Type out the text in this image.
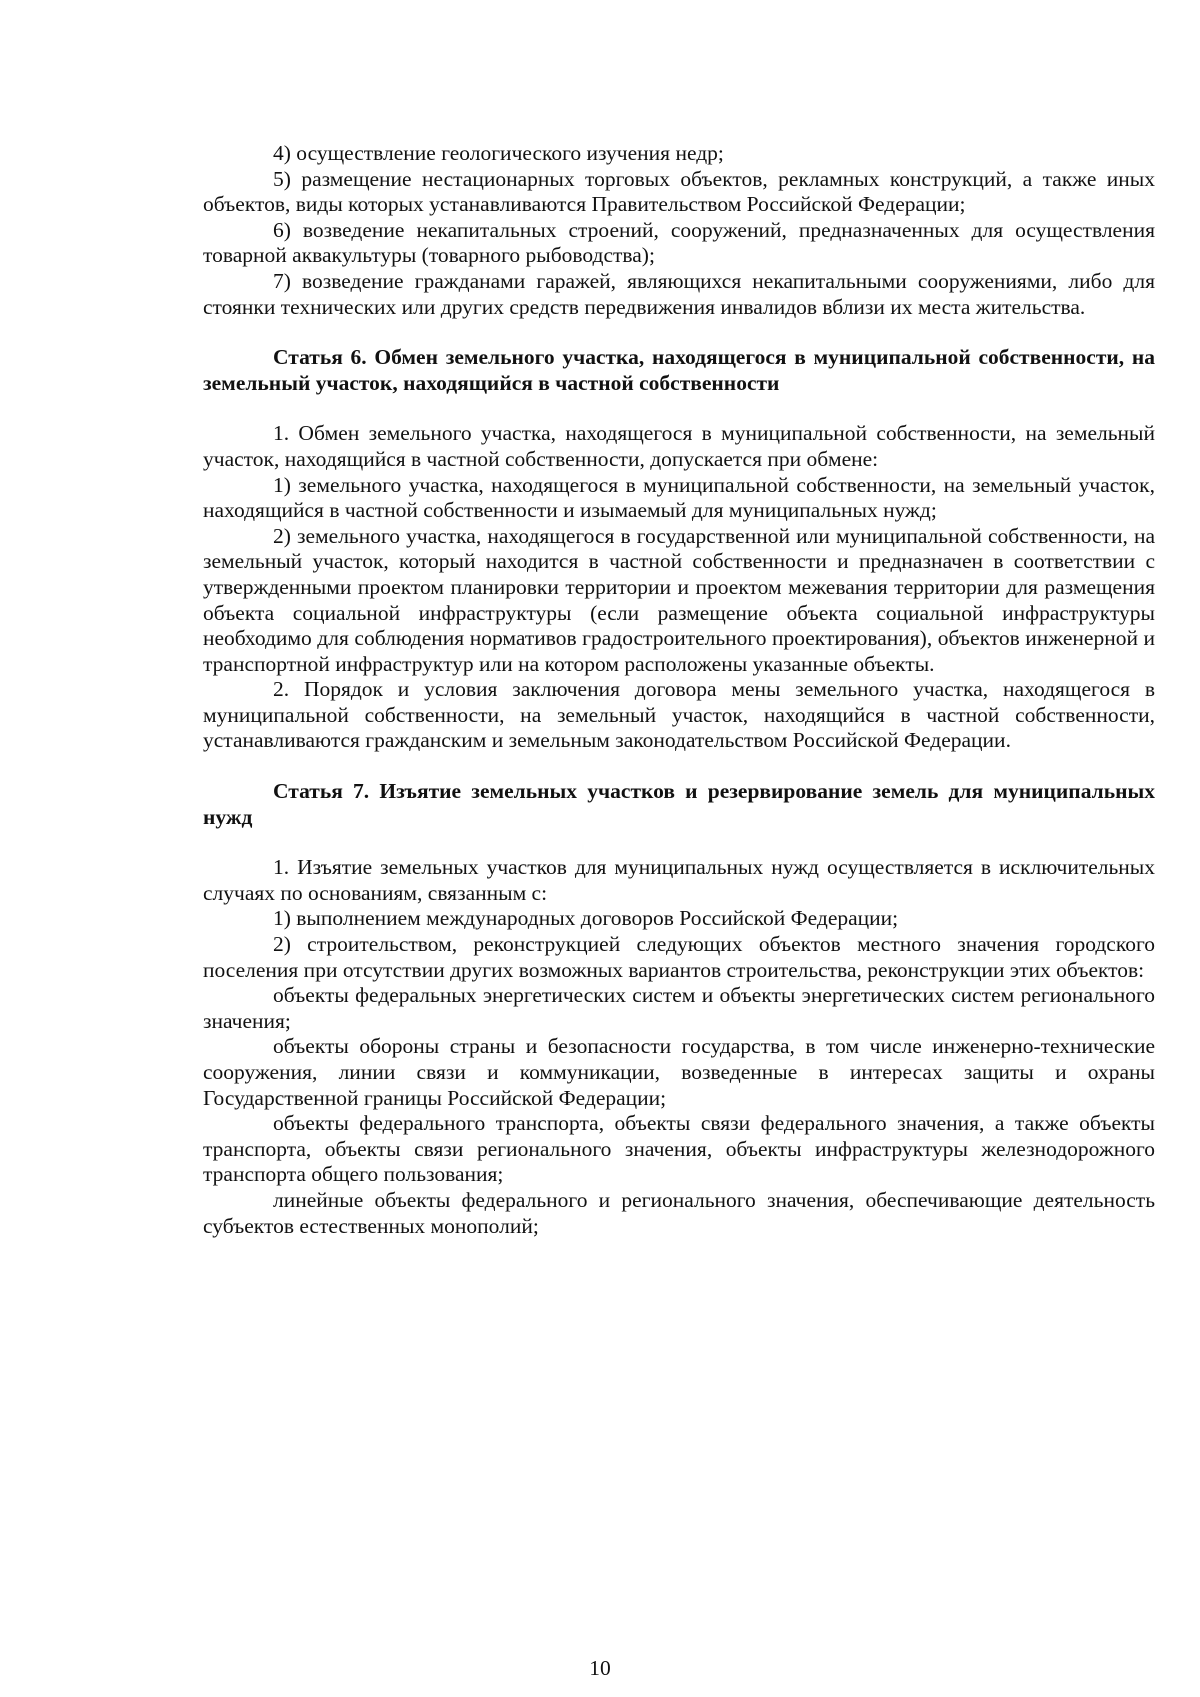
4) осуществление геологического изучения недр;

5) размещение нестационарных торговых объектов, рекламных конструкций, а также иных объектов, виды которых устанавливаются Правительством Российской Федерации;

6) возведение некапитальных строений, сооружений, предназначенных для осуществления товарной аквакультуры (товарного рыбоводства);

7) возведение гражданами гаражей, являющихся некапитальными сооружениями, либо для стоянки технических или других средств передвижения инвалидов вблизи их места жительства.

Статья 6. Обмен земельного участка, находящегося в муниципальной собственности, на земельный участок, находящийся в частной собственности

1. Обмен земельного участка, находящегося в муниципальной собственности, на земельный участок, находящийся в частной собственности, допускается при обмене:

1) земельного участка, находящегося в муниципальной собственности, на земельный участок, находящийся в частной собственности и изымаемый для муниципальных нужд;

2) земельного участка, находящегося в государственной или муниципальной собственности, на земельный участок, который находится в частной собственности и предназначен в соответствии с утвержденными проектом планировки территории и проектом межевания территории для размещения объекта социальной инфраструктуры (если размещение объекта социальной инфраструктуры необходимо для соблюдения нормативов градостроительного проектирования), объектов инженерной и транспортной инфраструктур или на котором расположены указанные объекты.

2. Порядок и условия заключения договора мены земельного участка, находящегося в муниципальной собственности, на земельный участок, находящийся в частной собственности, устанавливаются гражданским и земельным законодательством Российской Федерации.

Статья 7. Изъятие земельных участков и резервирование земель для муниципальных нужд

1. Изъятие земельных участков для муниципальных нужд осуществляется в исключительных случаях по основаниям, связанным с:

1) выполнением международных договоров Российской Федерации;

2) строительством, реконструкцией следующих объектов местного значения городского поселения при отсутствии других возможных вариантов строительства, реконструкции этих объектов:

объекты федеральных энергетических систем и объекты энергетических систем регионального значения;

объекты обороны страны и безопасности государства, в том числе инженерно-технические сооружения, линии связи и коммуникации, возведенные в интересах защиты и охраны Государственной границы Российской Федерации;

объекты федерального транспорта, объекты связи федерального значения, а также объекты транспорта, объекты связи регионального значения, объекты инфраструктуры железнодорожного транспорта общего пользования;

линейные объекты федерального и регионального значения, обеспечивающие деятельность субъектов естественных монополий;

10
